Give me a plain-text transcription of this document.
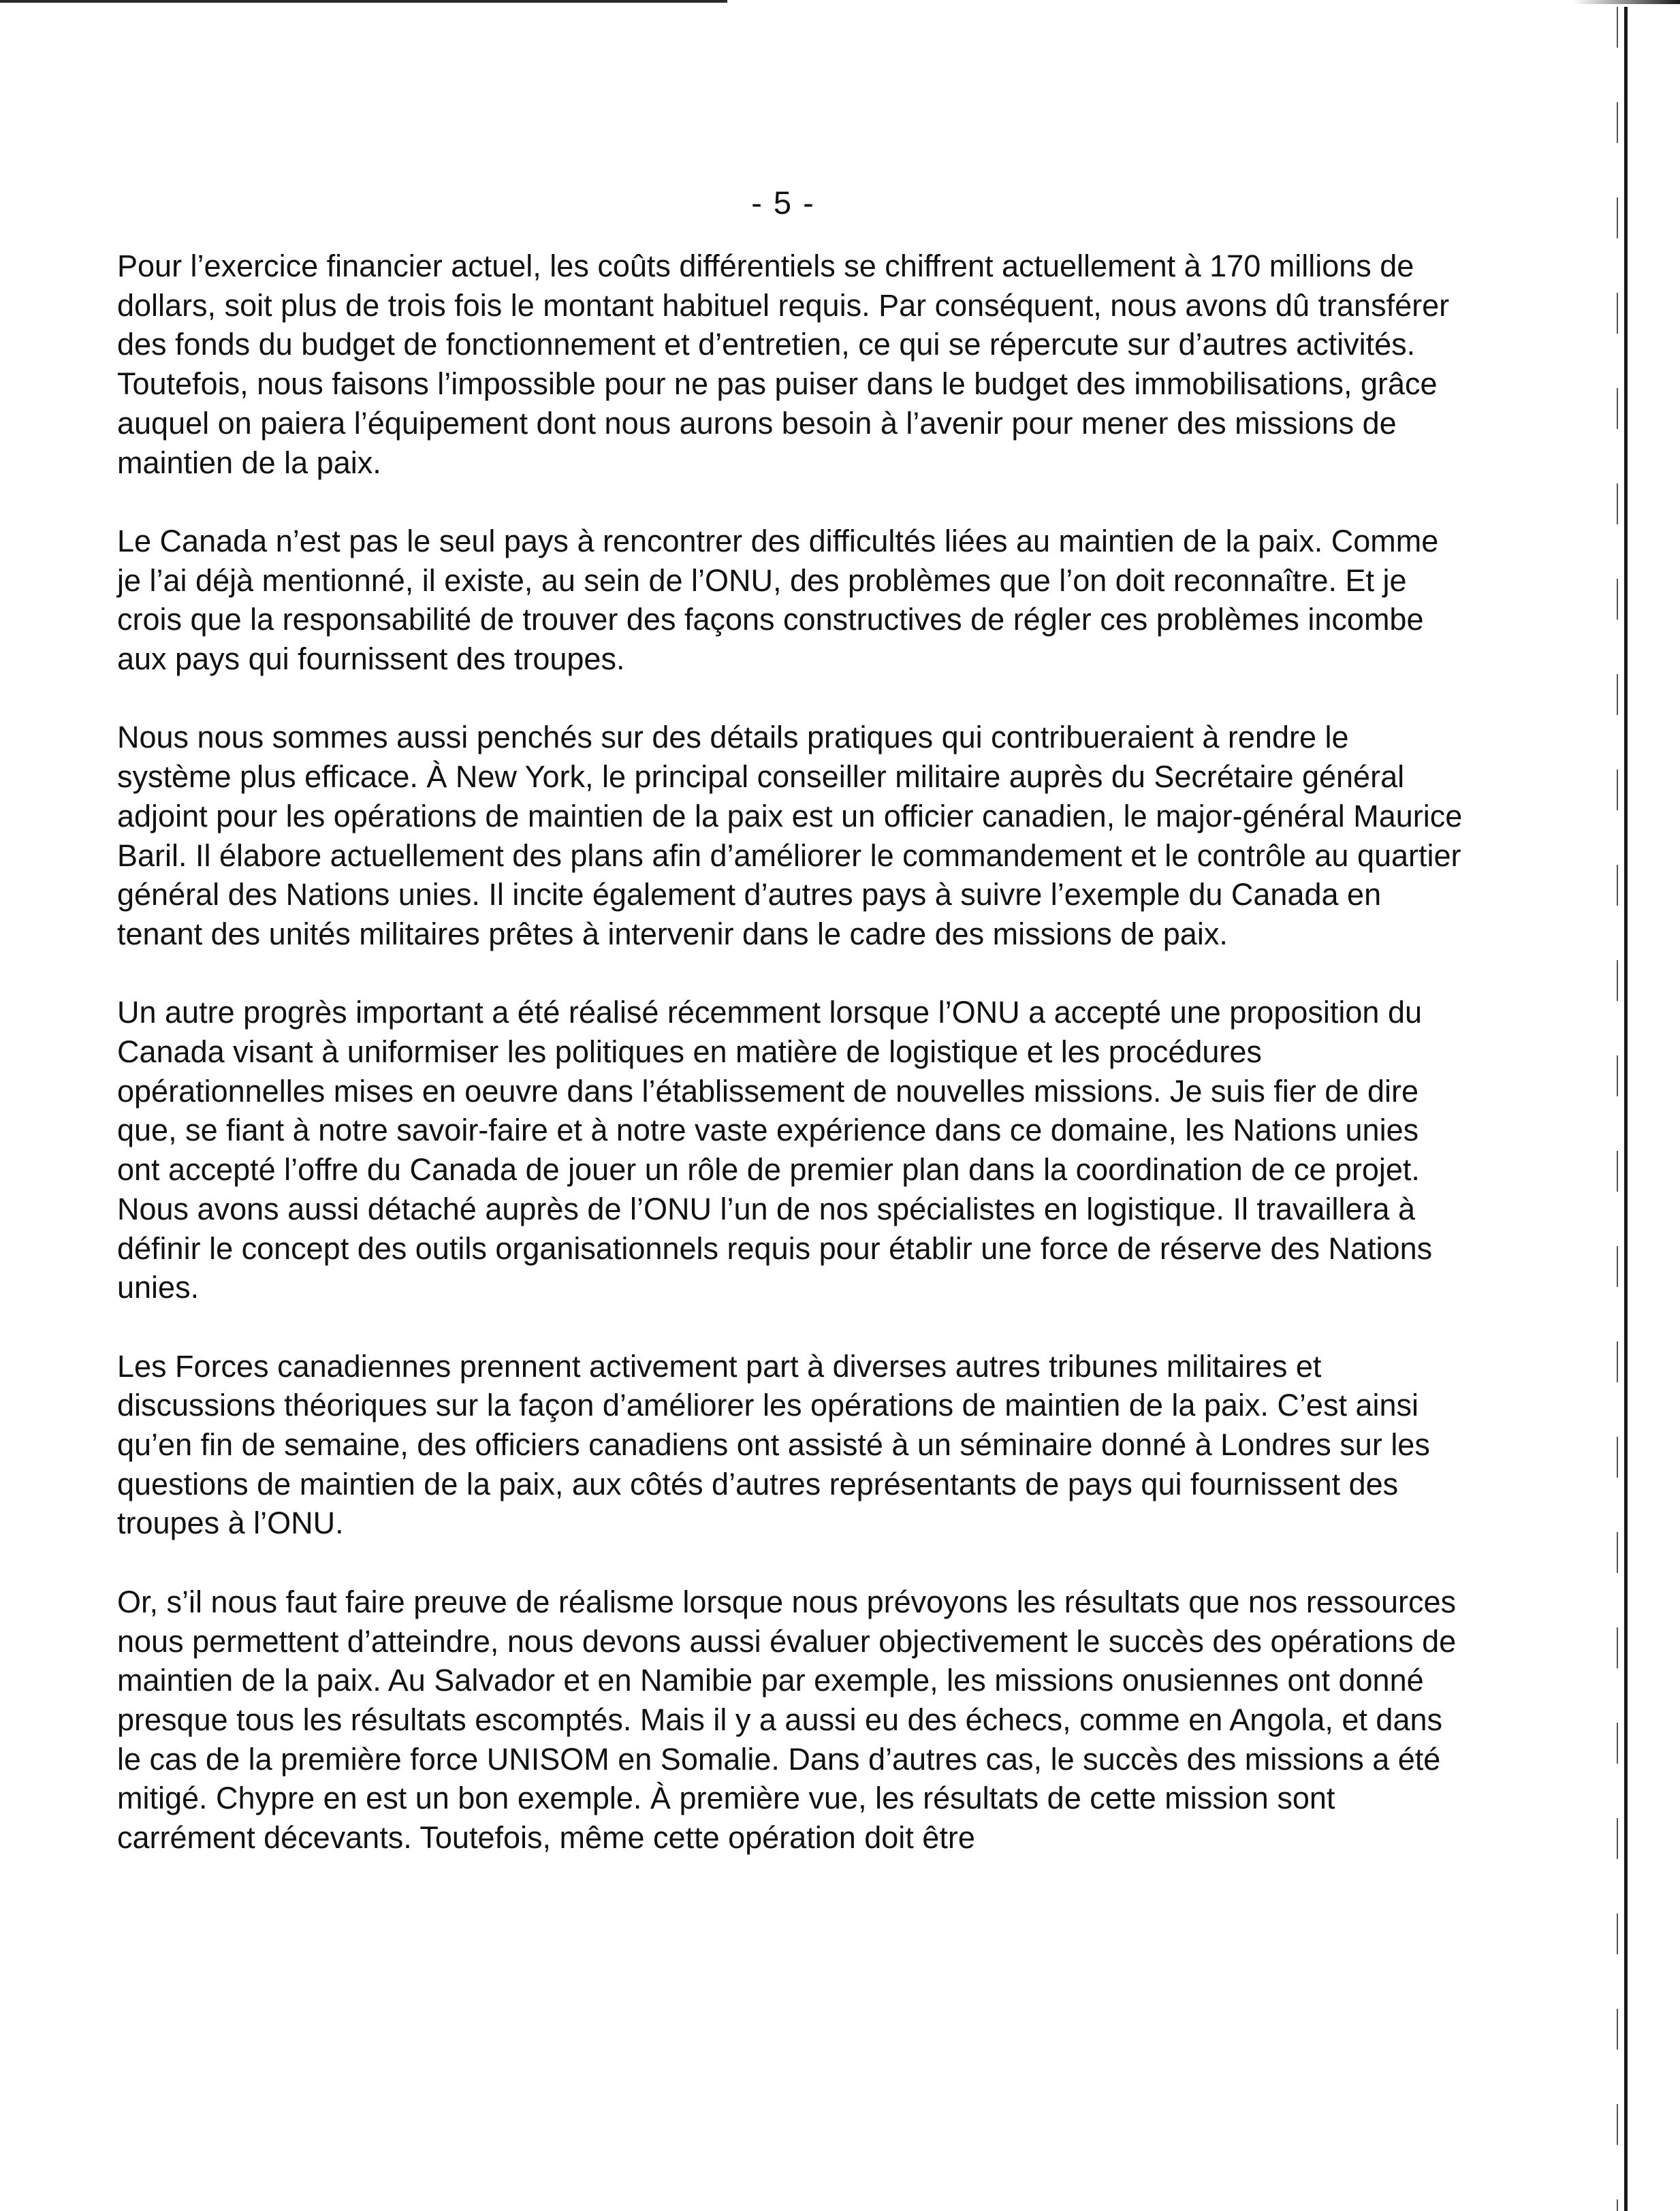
- 5 -

Pour l’exercice financier actuel, les coûts différentiels se chiffrent actuellement à 170 millions de dollars, soit plus de trois fois le montant habituel requis. Par conséquent, nous avons dû transférer des fonds du budget de fonctionnement et d’entretien, ce qui se répercute sur d’autres activités. Toutefois, nous faisons l’impossible pour ne pas puiser dans le budget des immobilisations, grâce auquel on paiera l’équipement dont nous aurons besoin à l’avenir pour mener des missions de maintien de la paix.

Le Canada n’est pas le seul pays à rencontrer des difficultés liées au maintien de la paix. Comme je l’ai déjà mentionné, il existe, au sein de l’ONU, des problèmes que l’on doit reconnaître. Et je crois que la responsabilité de trouver des façons constructives de régler ces problèmes incombe aux pays qui fournissent des troupes.

Nous nous sommes aussi penchés sur des détails pratiques qui contribueraient à rendre le système plus efficace. À New York, le principal conseiller militaire auprès du Secrétaire général adjoint pour les opérations de maintien de la paix est un officier canadien, le major-général Maurice Baril. Il élabore actuellement des plans afin d’améliorer le commandement et le contrôle au quartier général des Nations unies. Il incite également d’autres pays à suivre l’exemple du Canada en tenant des unités militaires prêtes à intervenir dans le cadre des missions de paix.

Un autre progrès important a été réalisé récemment lorsque l’ONU a accepté une proposition du Canada visant à uniformiser les politiques en matière de logistique et les procédures opérationnelles mises en oeuvre dans l’établissement de nouvelles missions. Je suis fier de dire que, se fiant à notre savoir-faire et à notre vaste expérience dans ce domaine, les Nations unies ont accepté l’offre du Canada de jouer un rôle de premier plan dans la coordination de ce projet. Nous avons aussi détaché auprès de l’ONU l’un de nos spécialistes en logistique. Il travaillera à définir le concept des outils organisationnels requis pour établir une force de réserve des Nations unies.

Les Forces canadiennes prennent activement part à diverses autres tribunes militaires et discussions théoriques sur la façon d’améliorer les opérations de maintien de la paix. C’est ainsi qu’en fin de semaine, des officiers canadiens ont assisté à un séminaire donné à Londres sur les questions de maintien de la paix, aux côtés d’autres représentants de pays qui fournissent des troupes à l’ONU.

Or, s’il nous faut faire preuve de réalisme lorsque nous prévoyons les résultats que nos ressources nous permettent d’atteindre, nous devons aussi évaluer objectivement le succès des opérations de maintien de la paix. Au Salvador et en Namibie par exemple, les missions onusiennes ont donné presque tous les résultats escomptés. Mais il y a aussi eu des échecs, comme en Angola, et dans le cas de la première force UNISOM en Somalie. Dans d’autres cas, le succès des missions a été mitigé. Chypre en est un bon exemple. À première vue, les résultats de cette mission sont carrément décevants. Toutefois, même cette opération doit être
